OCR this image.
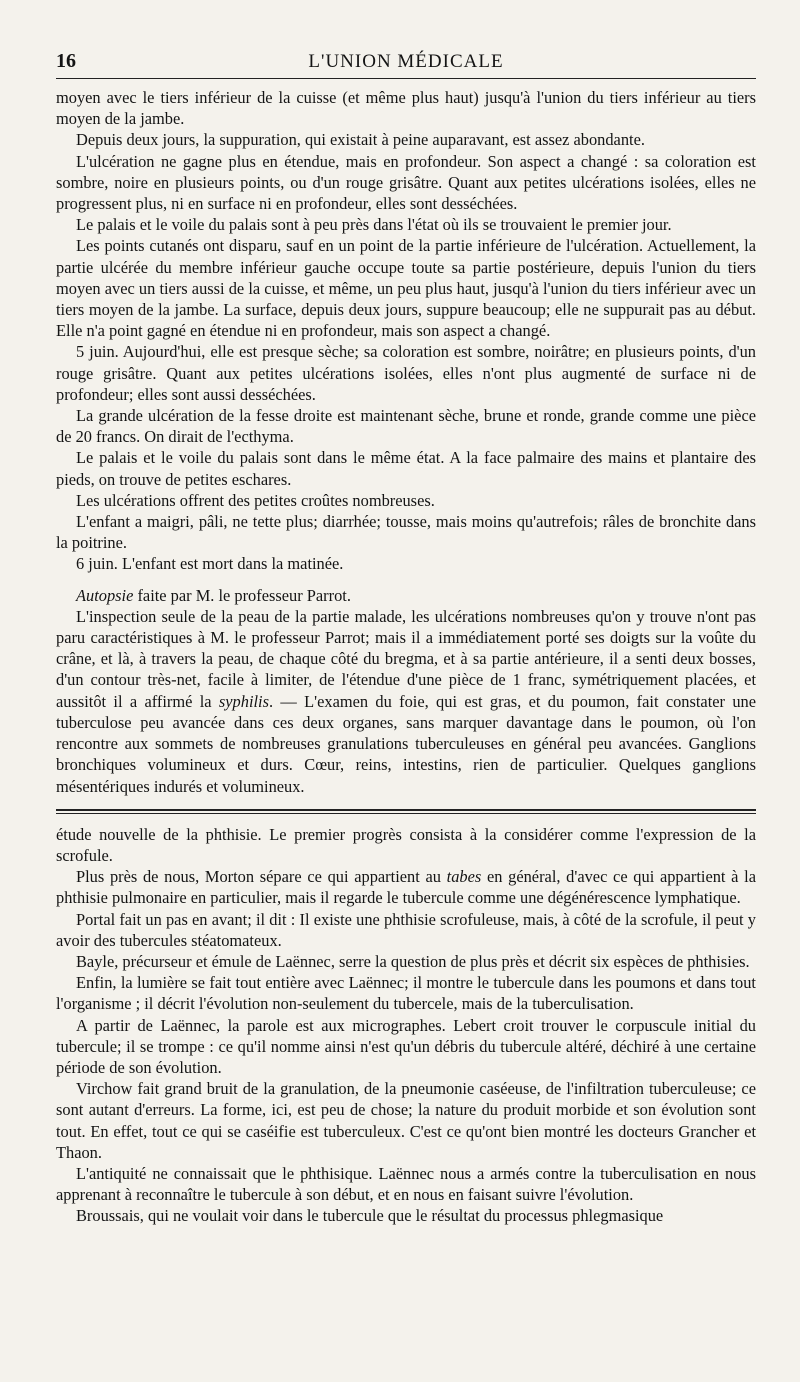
16	L'UNION MÉDICALE

moyen avec le tiers inférieur de la cuisse (et même plus haut) jusqu'à l'union du tiers inférieur au tiers moyen de la jambe.

Depuis deux jours, la suppuration, qui existait à peine auparavant, est assez abondante.

L'ulcération ne gagne plus en étendue, mais en profondeur. Son aspect a changé : sa coloration est sombre, noire en plusieurs points, ou d'un rouge grisâtre. Quant aux petites ulcérations isolées, elles ne progressent plus, ni en surface ni en profondeur, elles sont desséchées.

Le palais et le voile du palais sont à peu près dans l'état où ils se trouvaient le premier jour.

Les points cutanés ont disparu, sauf en un point de la partie inférieure de l'ulcération. Actuellement, la partie ulcérée du membre inférieur gauche occupe toute sa partie postérieure, depuis l'union du tiers moyen avec un tiers aussi de la cuisse, et même, un peu plus haut, jusqu'à l'union du tiers inférieur avec un tiers moyen de la jambe. La surface, depuis deux jours, suppure beaucoup; elle ne suppurait pas au début. Elle n'a point gagné en étendue ni en profondeur, mais son aspect a changé.

5 juin. Aujourd'hui, elle est presque sèche; sa coloration est sombre, noirâtre; en plusieurs points, d'un rouge grisâtre. Quant aux petites ulcérations isolées, elles n'ont plus augmenté de surface ni de profondeur; elles sont aussi desséchées.

La grande ulcération de la fesse droite est maintenant sèche, brune et ronde, grande comme une pièce de 20 francs. On dirait de l'ecthyma.

Le palais et le voile du palais sont dans le même état. A la face palmaire des mains et plantaire des pieds, on trouve de petites eschares.

Les ulcérations offrent des petites croûtes nombreuses.

L'enfant a maigri, pâli, ne tette plus; diarrhée; tousse, mais moins qu'autrefois; râles de bronchite dans la poitrine.

6 juin. L'enfant est mort dans la matinée.

Autopsie faite par M. le professeur Parrot.

L'inspection seule de la peau de la partie malade, les ulcérations nombreuses qu'on y trouve n'ont pas paru caractéristiques à M. le professeur Parrot; mais il a immédiatement porté ses doigts sur la voûte du crâne, et là, à travers la peau, de chaque côté du bregma, et à sa partie antérieure, il a senti deux bosses, d'un contour très-net, facile à limiter, de l'étendue d'une pièce de 1 franc, symétriquement placées, et aussitôt il a affirmé la syphilis. — L'examen du foie, qui est gras, et du poumon, fait constater une tuberculose peu avancée dans ces deux organes, sans marquer davantage dans le poumon, où l'on rencontre aux sommets de nombreuses granulations tuberculeuses en général peu avancées. Ganglions bronchiques volumineux et durs. Cœur, reins, intestins, rien de particulier. Quelques ganglions mésentériques indurés et volumineux.

étude nouvelle de la phthisie. Le premier progrès consista à la considérer comme l'expression de la scrofule.

Plus près de nous, Morton sépare ce qui appartient au tabes en général, d'avec ce qui appartient à la phthisie pulmonaire en particulier, mais il regarde le tubercule comme une dégénérescence lymphatique.

Portal fait un pas en avant; il dit : Il existe une phthisie scrofuleuse, mais, à côté de la scrofule, il peut y avoir des tubercules stéatomateux.

Bayle, précurseur et émule de Laënnec, serre la question de plus près et décrit six espèces de phthisies.

Enfin, la lumière se fait tout entière avec Laënnec; il montre le tubercule dans les poumons et dans tout l'organisme ; il décrit l'évolution non-seulement du tubercele, mais de la tuberculisation.

A partir de Laënnec, la parole est aux micrographes. Lebert croit trouver le corpuscule initial du tubercule; il se trompe : ce qu'il nomme ainsi n'est qu'un débris du tubercule altéré, déchiré à une certaine période de son évolution.

Virchow fait grand bruit de la granulation, de la pneumonie caséeuse, de l'infiltration tuberculeuse; ce sont autant d'erreurs. La forme, ici, est peu de chose; la nature du produit morbide et son évolution sont tout. En effet, tout ce qui se caséifie est tuberculeux. C'est ce qu'ont bien montré les docteurs Grancher et Thaon.

L'antiquité ne connaissait que le phthisique. Laënnec nous a armés contre la tuberculisation en nous apprenant à reconnaître le tubercule à son début, et en nous en faisant suivre l'évolution.

Broussais, qui ne voulait voir dans le tubercule que le résultat du processus phlegmasique
